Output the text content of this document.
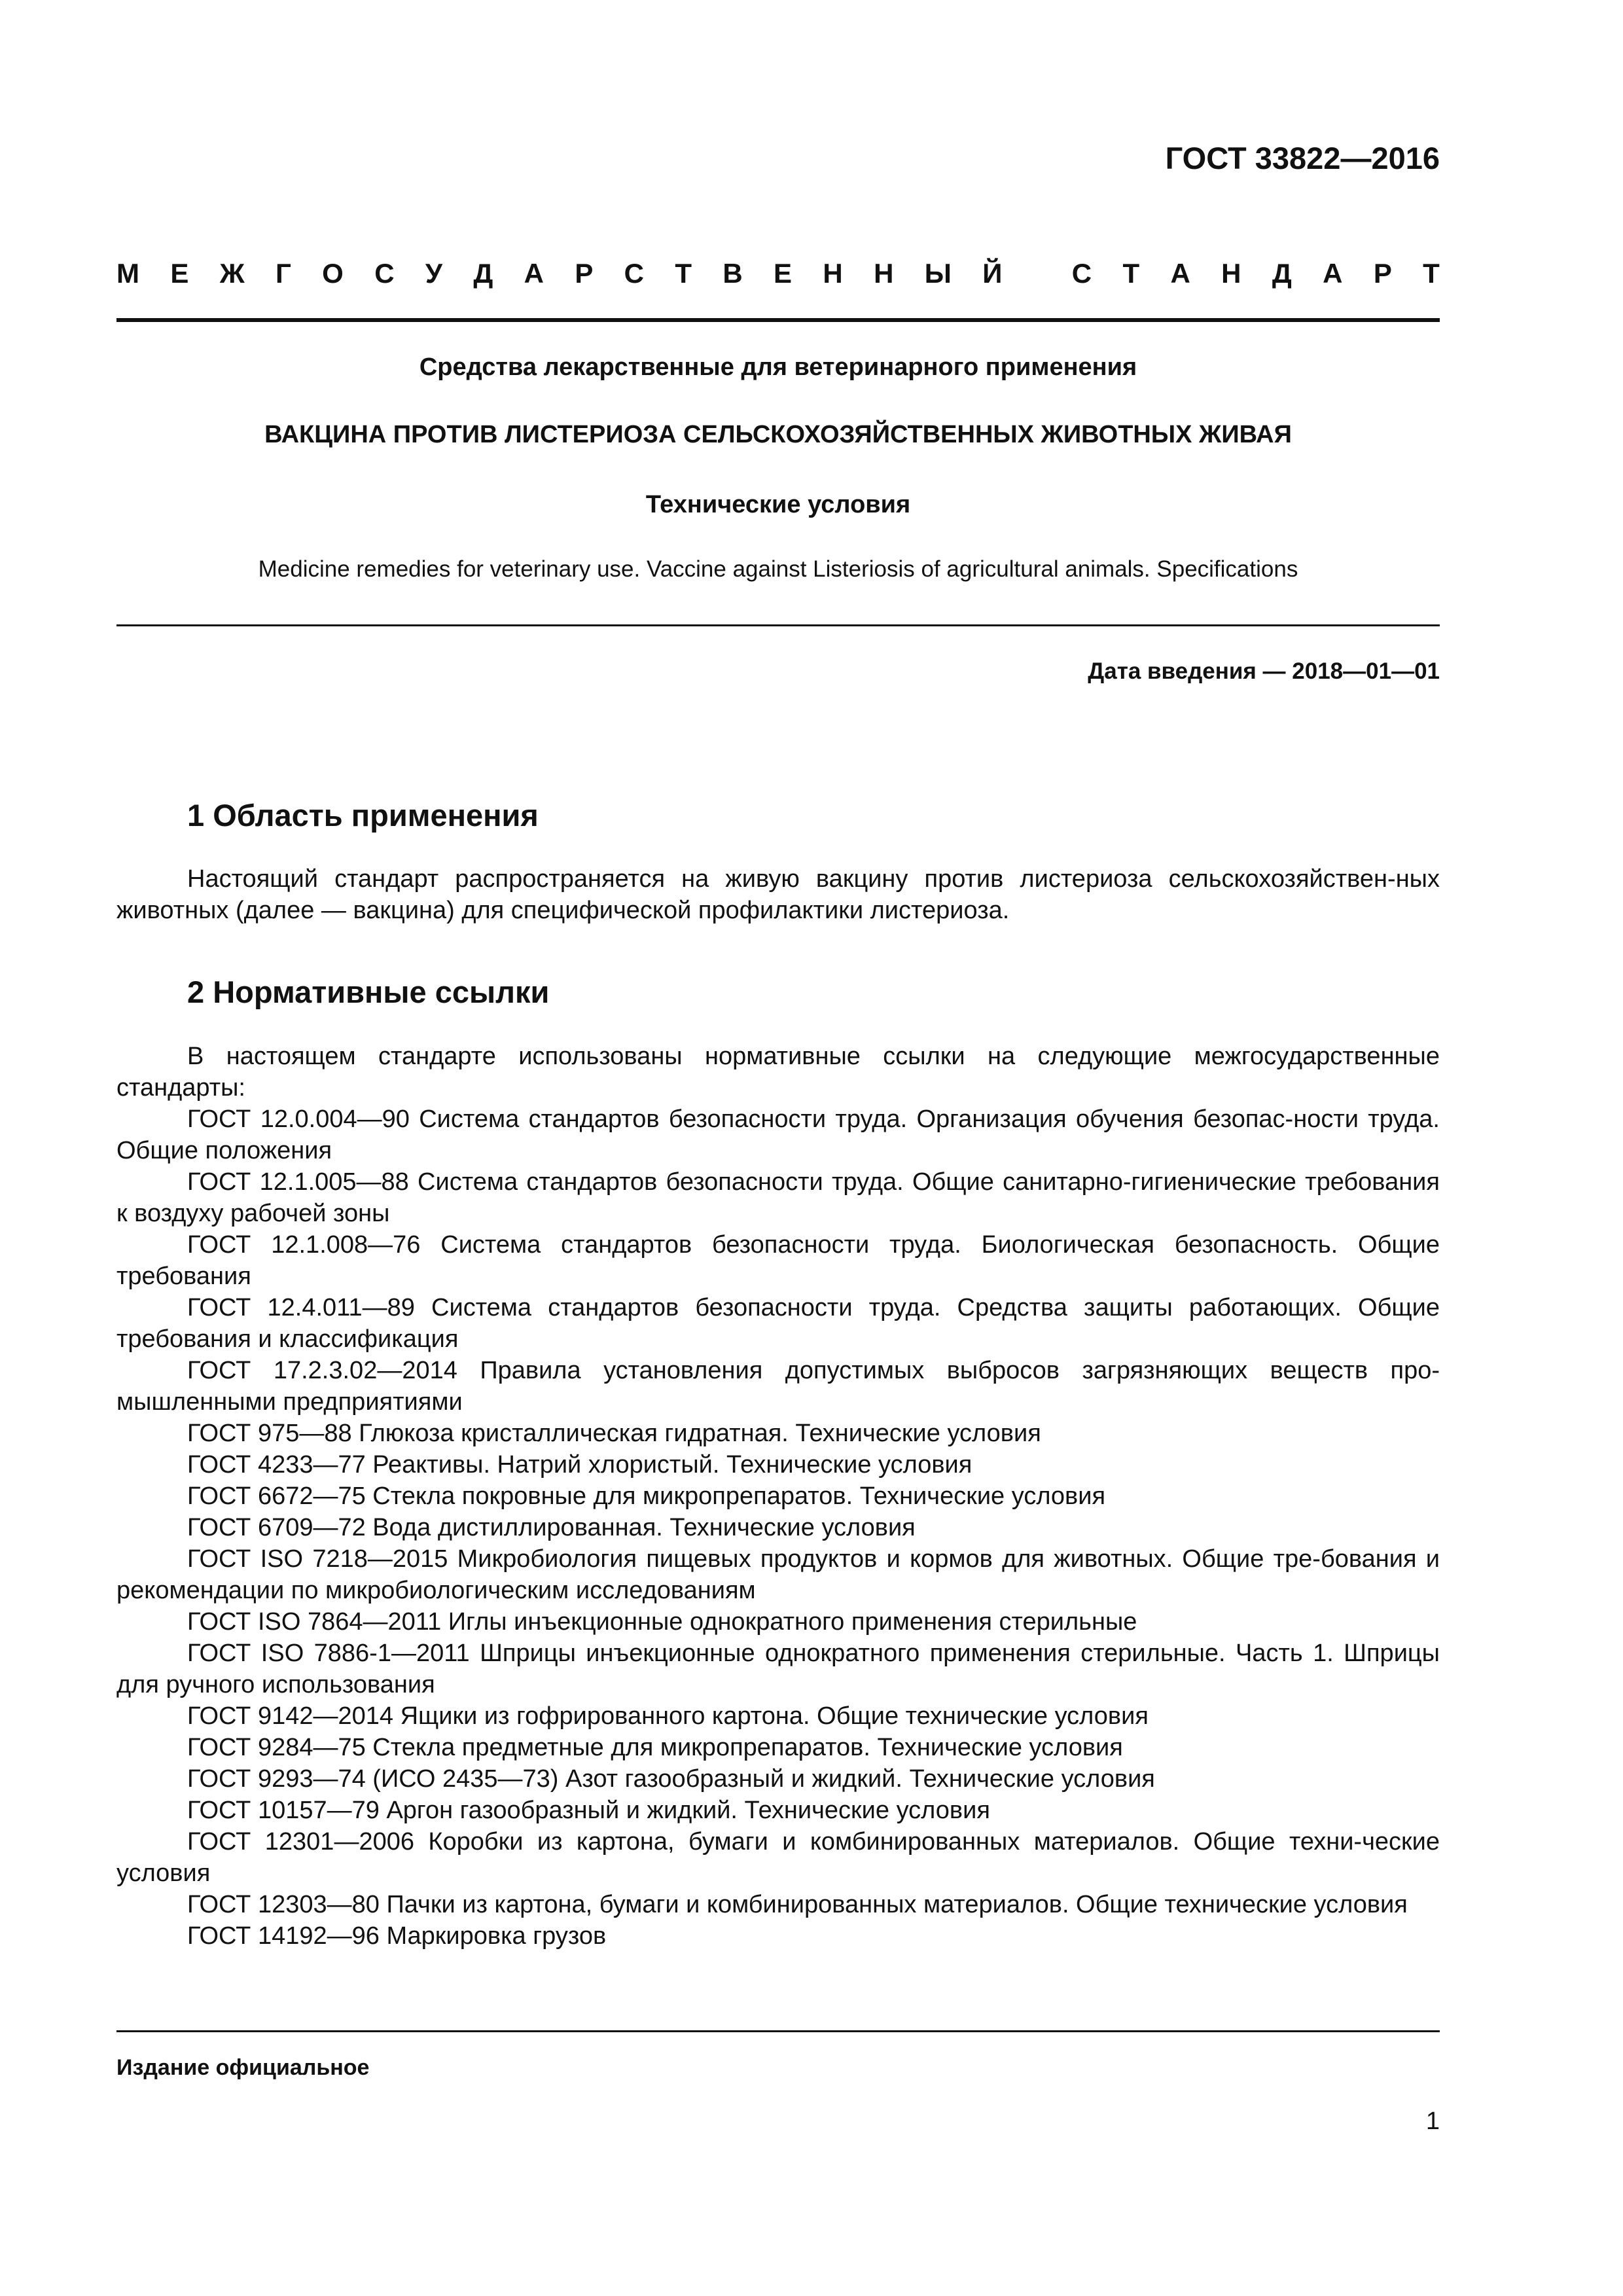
ГОСТ 33822—2016
М Е Ж Г О С У Д А Р С Т В Е Н Н Ы Й
	С Т А Н Д А Р Т
Средства лекарственные для ветеринарного применения
ВАКЦИНА ПРОТИВ ЛИСТЕРИОЗА СЕЛЬСКОХОЗЯЙСТВЕННЫХ ЖИВОТНЫХ ЖИВАЯ
Технические условия
Medicine remedies for veterinary use. Vaccine against Listeriosis of agricultural animals. Specifications
Дата введения — 2018—01—01
1 Область применения
Настоящий стандарт распространяется на живую вакцину против листериоза сельскохозяйствен-ных животных (далее — вакцина) для специфической профилактики листериоза.
2 Нормативные ссылки
В настоящем стандарте использованы нормативные ссылки на следующие межгосударственные стандарты:
ГОСТ 12.0.004—90 Система стандартов безопасности труда. Организация обучения безопас-ности труда. Общие положения
ГОСТ 12.1.005—88 Система стандартов безопасности труда. Общие санитарно-гигиенические требования к воздуху рабочей зоны
ГОСТ 12.1.008—76 Система стандартов безопасности труда. Биологическая безопасность. Общие требования
ГОСТ 12.4.011—89 Система стандартов безопасности труда. Средства защиты работающих. Общие требования и классификация
ГОСТ 17.2.3.02—2014 Правила установления допустимых выбросов загрязняющих веществ про-мышленными предприятиями
ГОСТ 975—88 Глюкоза кристаллическая гидратная. Технические условия
ГОСТ 4233—77 Реактивы. Натрий хлористый. Технические условия
ГОСТ 6672—75 Стекла покровные для микропрепаратов. Технические условия
ГОСТ 6709—72 Вода дистиллированная. Технические условия
ГОСТ ISO 7218—2015 Микробиология пищевых продуктов и кормов для животных. Общие тре-бования и рекомендации по микробиологическим исследованиям
ГОСТ ISO 7864—2011 Иглы инъекционные однократного применения стерильные
ГОСТ ISO 7886-1—2011 Шприцы инъекционные однократного применения стерильные. Часть 1. Шприцы для ручного использования
ГОСТ 9142—2014 Ящики из гофрированного картона. Общие технические условия
ГОСТ 9284—75 Стекла предметные для микропрепаратов. Технические условия
ГОСТ 9293—74 (ИСО 2435—73) Азот газообразный и жидкий. Технические условия
ГОСТ 10157—79 Аргон газообразный и жидкий. Технические условия
ГОСТ 12301—2006 Коробки из картона, бумаги и комбинированных материалов. Общие техни-ческие условия
ГОСТ 12303—80 Пачки из картона, бумаги и комбинированных материалов. Общие технические условия
ГОСТ 14192—96 Маркировка грузов
Издание официальное
1
